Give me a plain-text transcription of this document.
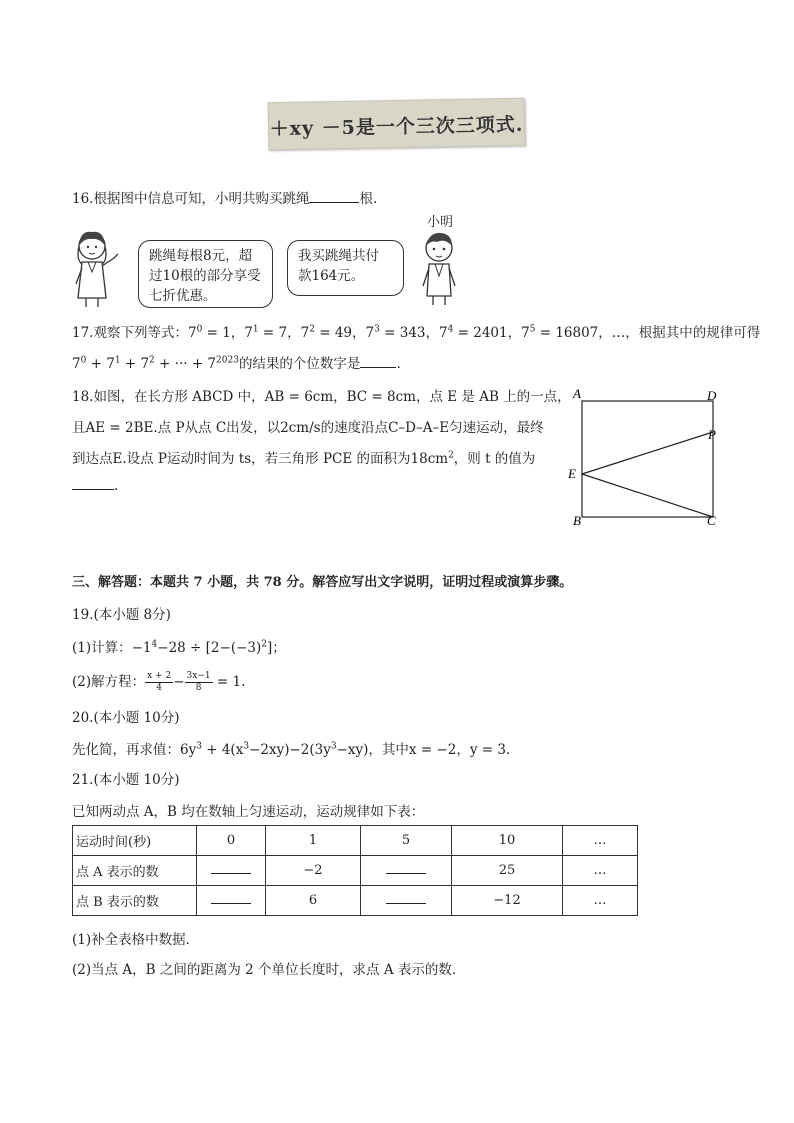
＋xy －5是一个三次三项式.
16.根据图中信息可知，小明共购买跳绳	根.
小明
跳绳每根8元，超
过10根的部分享受
七折优惠。
我买跳绳共付
款164元。
17.观察下列等式：$7^0 = 1$，$7^1 = 7$，$7^2 = 49$，$7^3 = 343$，$7^4 = 2401$，$7^5 = 16807$，…，根据其中的规律可得
$7^0 + 7^1 + 7^2$ + ··· + $7^{2023}$的结果的个位数字是	.
18.如图，在长方形 ABCD 中，AB = 6cm，BC = 8cm，点 E 是 AB 上的一点，
且AE = 2BE.点 P从点 C出发，以2cm/s的速度沿点C–D–A–E匀速运动，最终
到达点E.设点 P运动时间为 ts，若三角形 PCE 的面积为$18cm^2$，则 t 的值为
.
A	D
P
E
B	C
三、解答题：本题共 7 小题，共 78 分。解答应写出文字说明，证明过程或演算步骤。
19.(本小题 8分)
(1)计算：$-1^4-28 \div [2-(-3)^2]$；
(2)解方程： $\frac{x + 2}{4} - \frac{3x-1}{8} = 1$.
20.(本小题 10分)
先化简，再求值：$6y^3 + 4(x^3-2xy)-2(3y^3-xy)$，其中x = −2，y = 3.
21.(本小题 10分)
已知两动点 A，B 均在数轴上匀速运动，运动规律如下表：
运动时间(秒)	0	1	5	10	…
点 A 表示的数		−2		25	…
点 B 表示的数		6		−12	…
(1)补全表格中数据．
(2)当点 A，B 之间的距离为 2 个单位长度时，求点 A 表示的数．
